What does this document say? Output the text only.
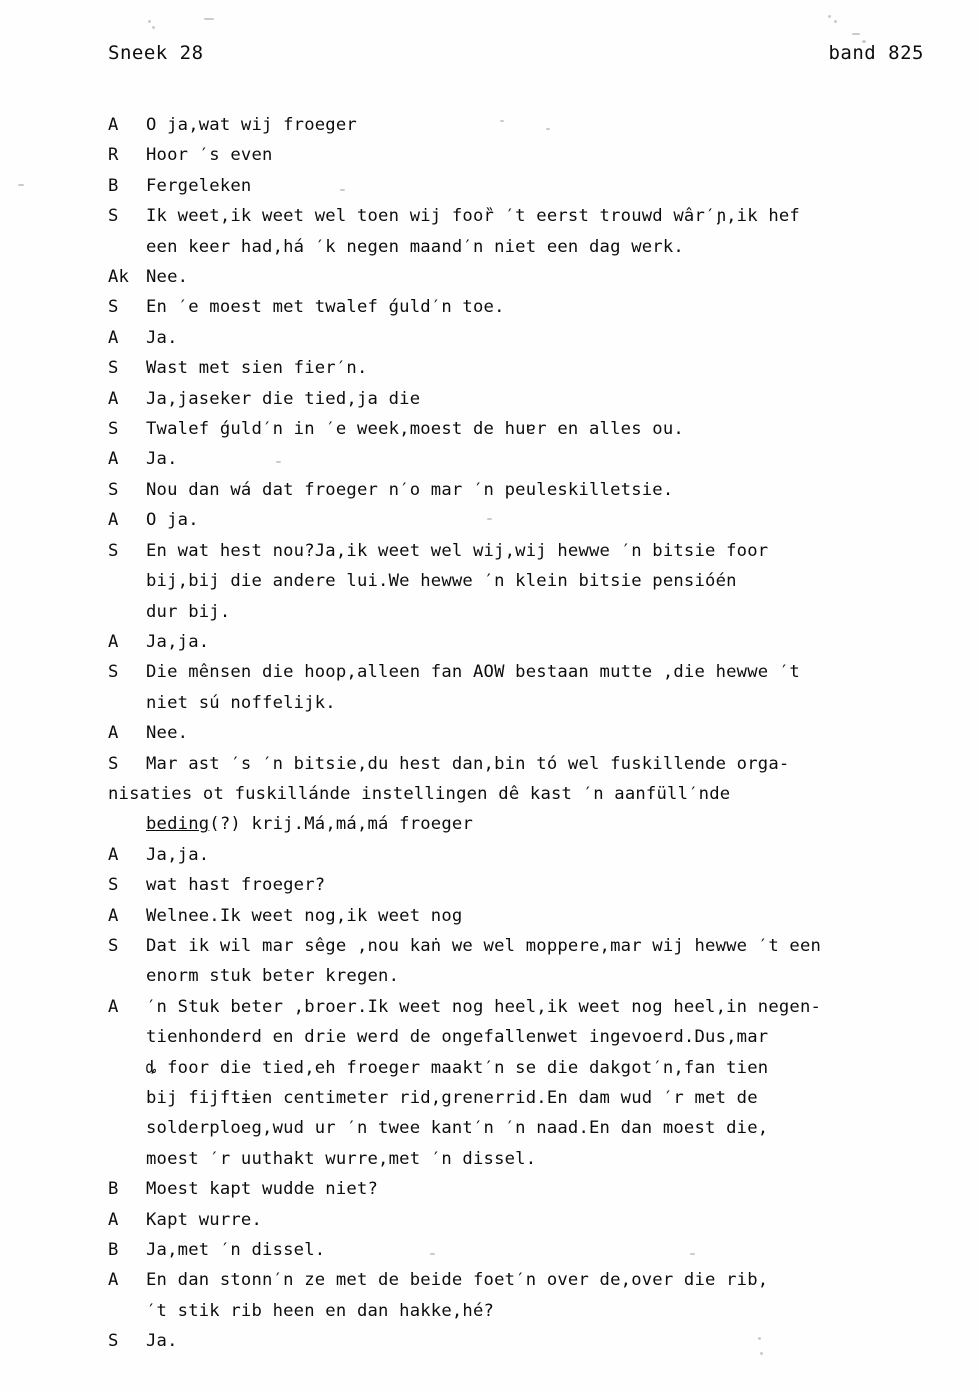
Sneek 28	band 825
A	O ja,wat wij froeger
R	Hoor ′s even
B	Fergeleken
S	Ik weet,ik weet wel toen wij fooȑ ′t eerst trouwd wâr′ɲ,ik hef
een keer had,há ′k negen maand′n niet een dag werk.
Ak Nee.
S	En ′e moest met twalef ǵuld′n toe.
A	Ja.
S	Wast met sien fier′n.
A	Ja,jaseker die tied,ja die
S	Twalef ǵuld′n in ′e week,moest de huɐr en alles ou.
A	Ja.
S	Nou dan wá dat froeger n′o mar ′n peuleskilletsie.
A	O ja.
S	En wat hest nou?Ja,ik weet wel wij,wij hewwe ′n bitsie foor
bij,bij die andere lui.We hewwe ′n klein bitsie pensióén
dur bij.
A	Ja,ja.
S	Die mênsen die hoop,alleen fan AOW bestaan mutte ,die hewwe ′t
niet sú noffelijk.
A	Nee.
S	Mar ast ′s ′n bitsie,du hest dan,bin tó wel fuskillende orga-
nisaties ot fuskillánde instellingen dê kast ′n aanfüll′nde
beding(?) krij.Má,má,má froeger
A	Ja,ja.
S	wat hast froeger?
A	Welnee.Ik weet nog,ik weet nog
S	Dat ik wil mar sêge ,nou kaṅ we wel moppere,mar wij hewwe ′t een
enorm stuk beter kregen.
A	′n Stuk beter ,broer.Ik weet nog heel,ik weet nog heel,in negen-
tienhonderd en drie werd de ongefallenwet ingevoerd.Dus,mar
ȡ foor die tied,eh froeger maakt′n se die dakgot′n,fan tien
bij fijftɨen centimeter rid,grenerrid.En dam wud ′r met de
solderploeg,wud ur ′n twee kant′n ′n naad.En dan moest die,
moest ′r uuthakt wurre,met ′n dissel.
B	Moest kapt wudde niet?
A	Kapt wurre.
B	Ja,met ′n dissel.
A	En dan stonn′n ze met de beide foet′n over de,over die rib,
′t stik rib heen en dan hakke,hé?
S	Ja.
